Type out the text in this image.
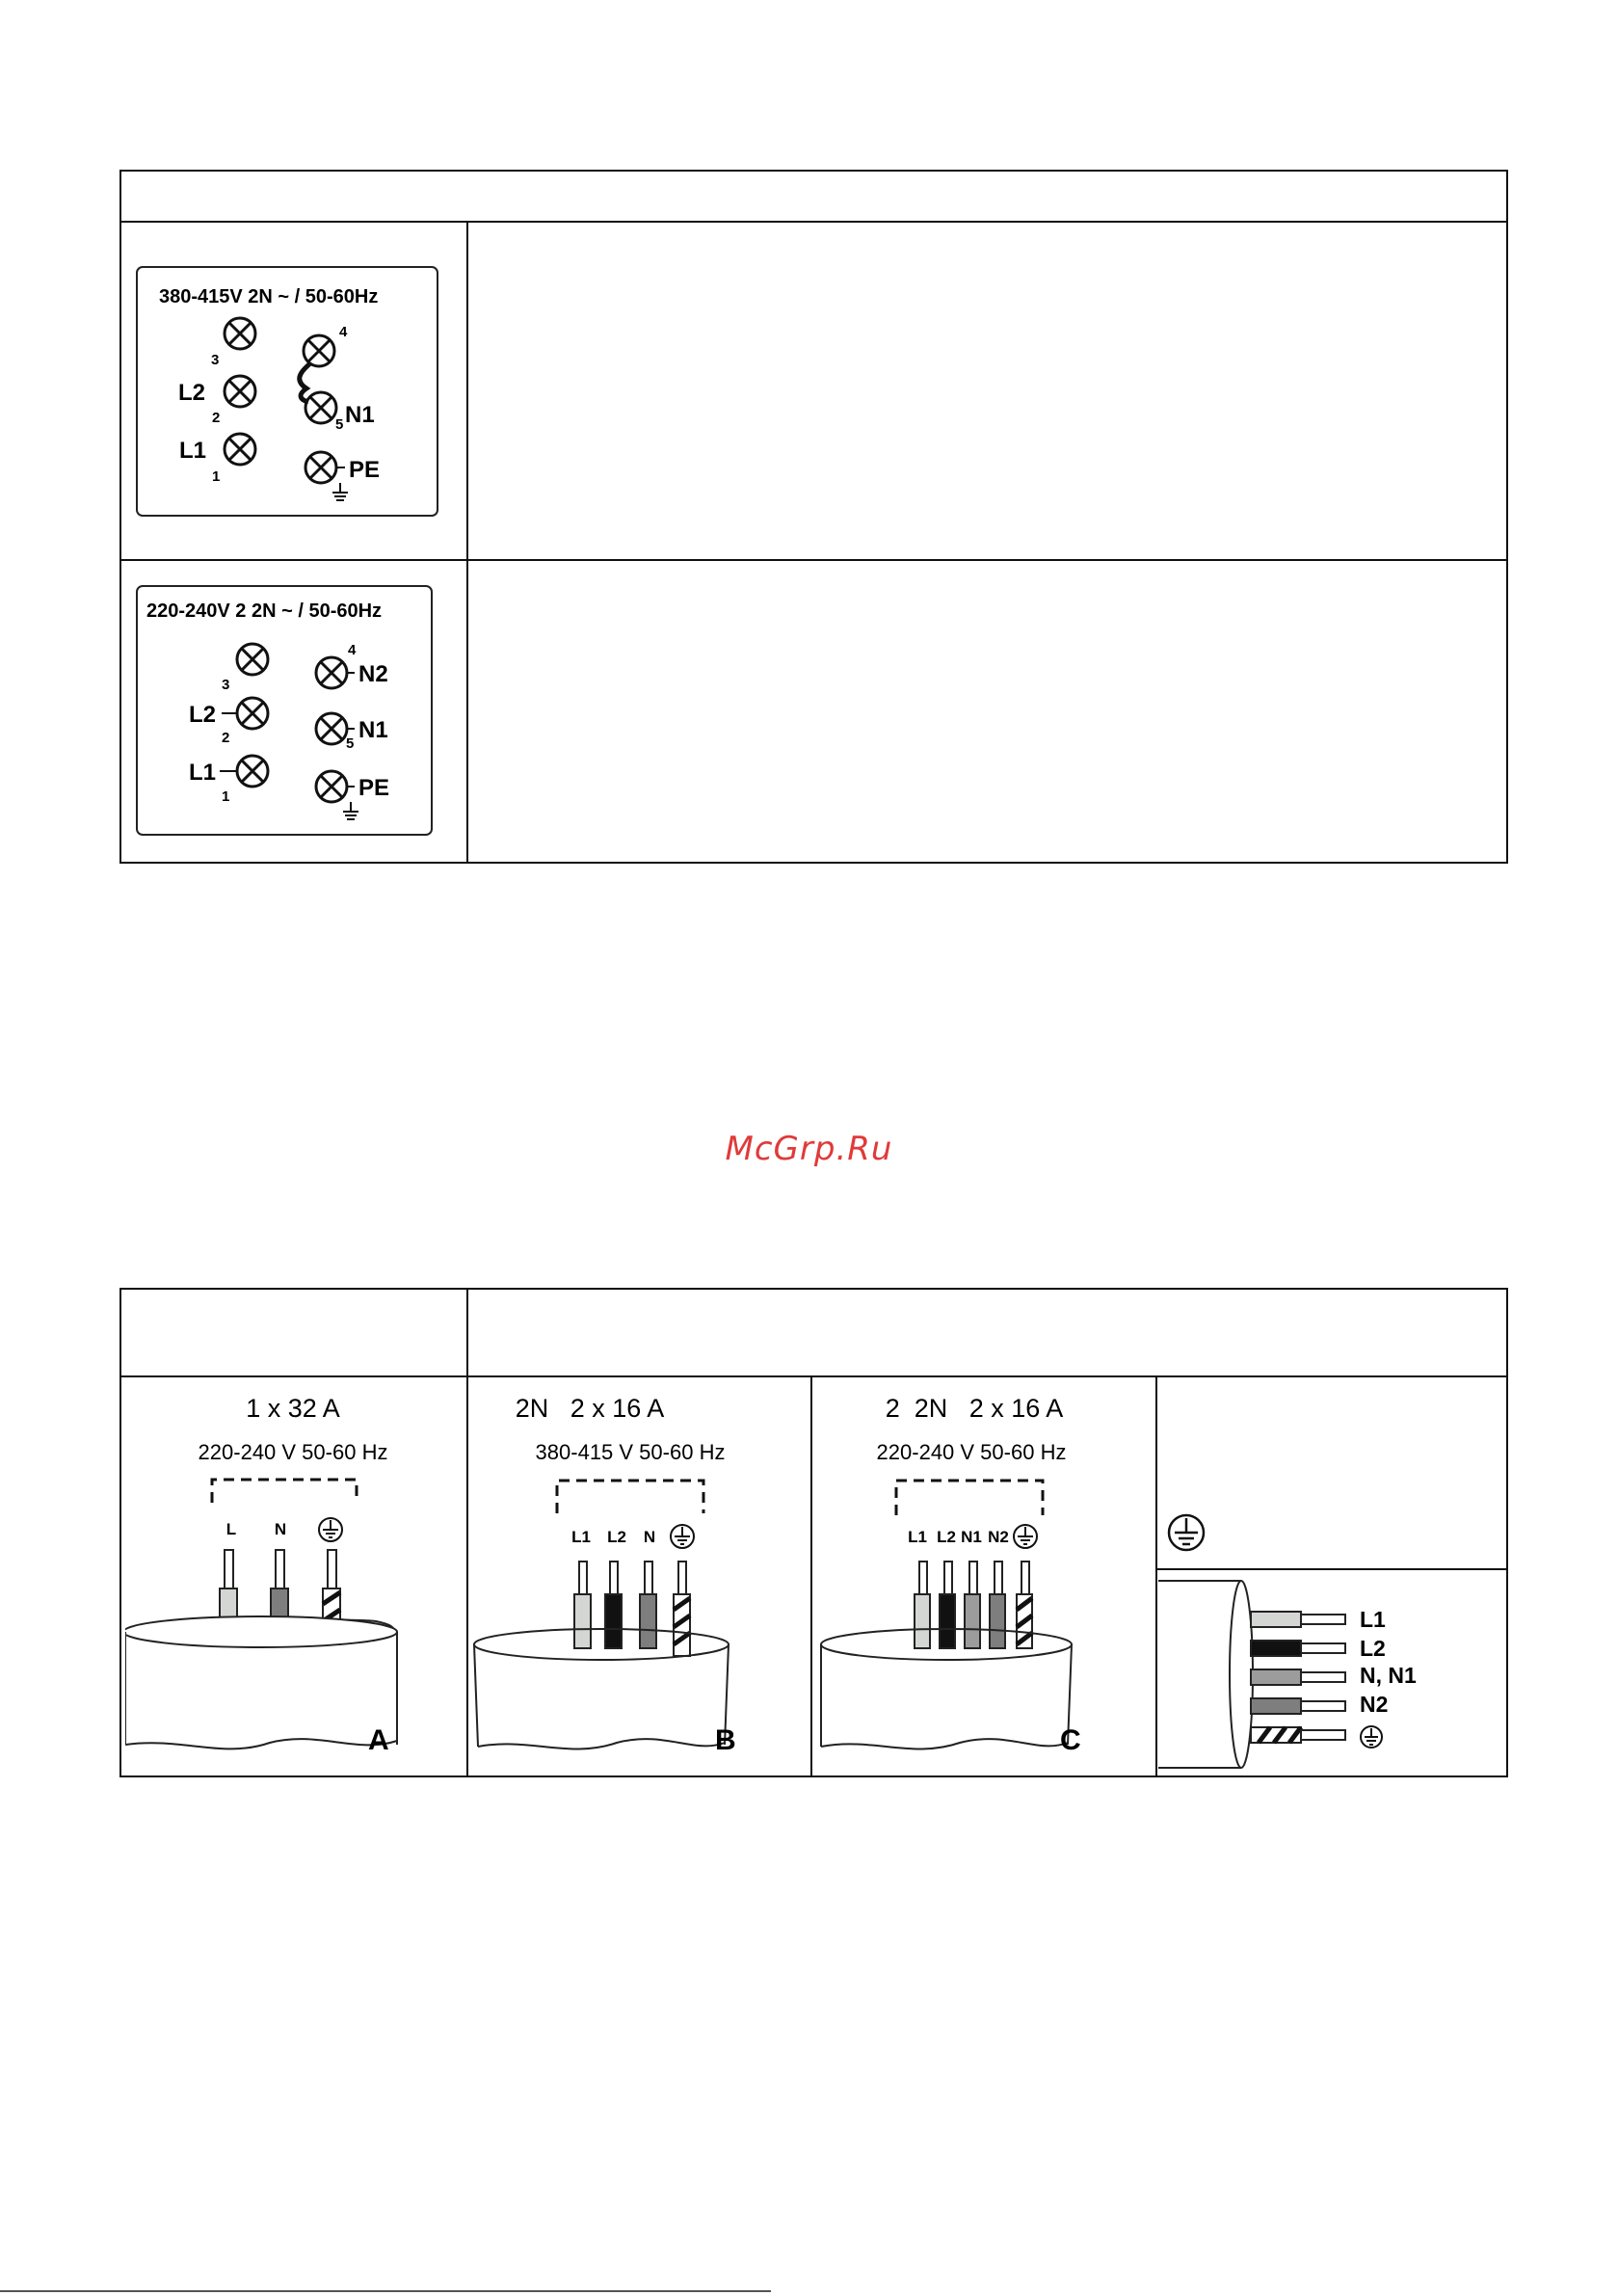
380-415V 2N ~ / 50-60Hz
3
L2
2
L1
1
4
5 N1
PE
220-240V 2 2N ~ / 50-60Hz
3
L2
2
L1
1
4
N2
5
N1
PE
McGrp.Ru
1 x 32 A
220-240 V 50-60 Hz
L N
A
2N   2 x 16 A
380-415 V 50-60 Hz
L1 L2 N
B
2  2N   2 x 16 A
220-240 V 50-60 Hz
L1 L2 N1 N2
C
⏚
L1
L2
N, N1
N2
⏚
